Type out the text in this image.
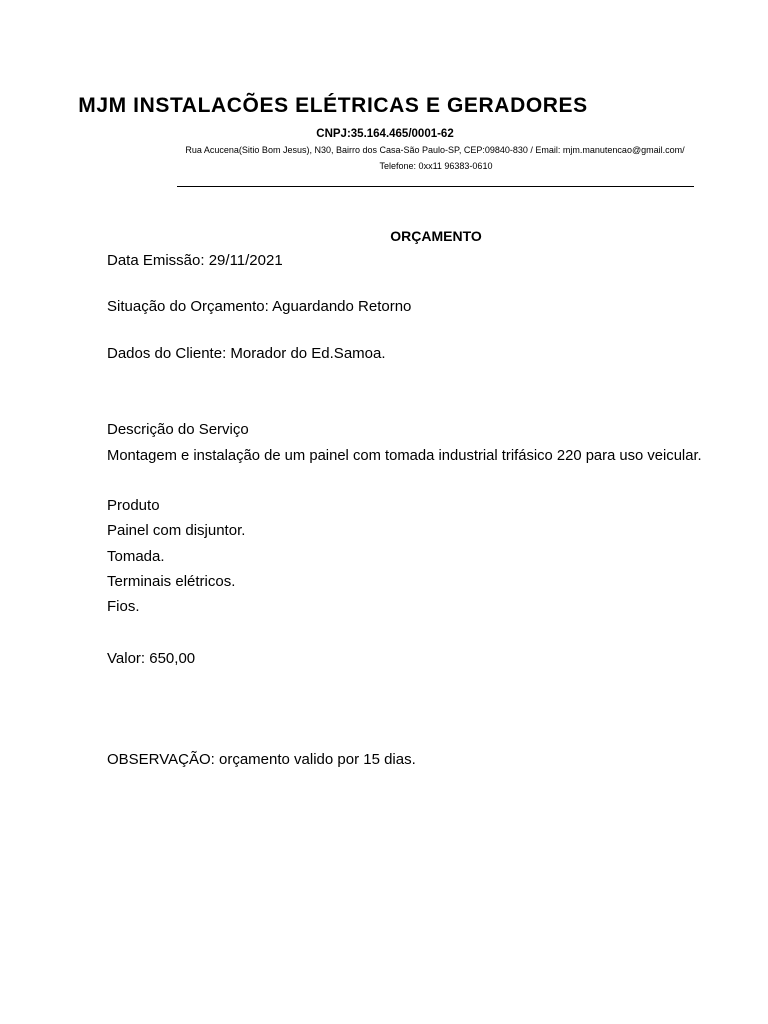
MJM INSTALACÕES ELÉTRICAS E GERADORES
CNPJ:35.164.465/0001-62
Rua Acucena(Sitio Bom Jesus), N30, Bairro dos Casa-São Paulo-SP, CEP:09840-830 / Email: mjm.manutencao@gmail.com/
Telefone: 0xx11 96383-0610
ORÇAMENTO
Data Emissão: 29/11/2021
Situação do Orçamento: Aguardando Retorno
Dados do Cliente: Morador do Ed.Samoa.
Descrição do Serviço
Montagem e instalação de um painel com tomada industrial trifásico 220 para uso veicular.
Produto
Painel com disjuntor.
Tomada.
Terminais elétricos.
Fios.
Valor: 650,00
OBSERVAÇÃO: orçamento valido por 15 dias.
